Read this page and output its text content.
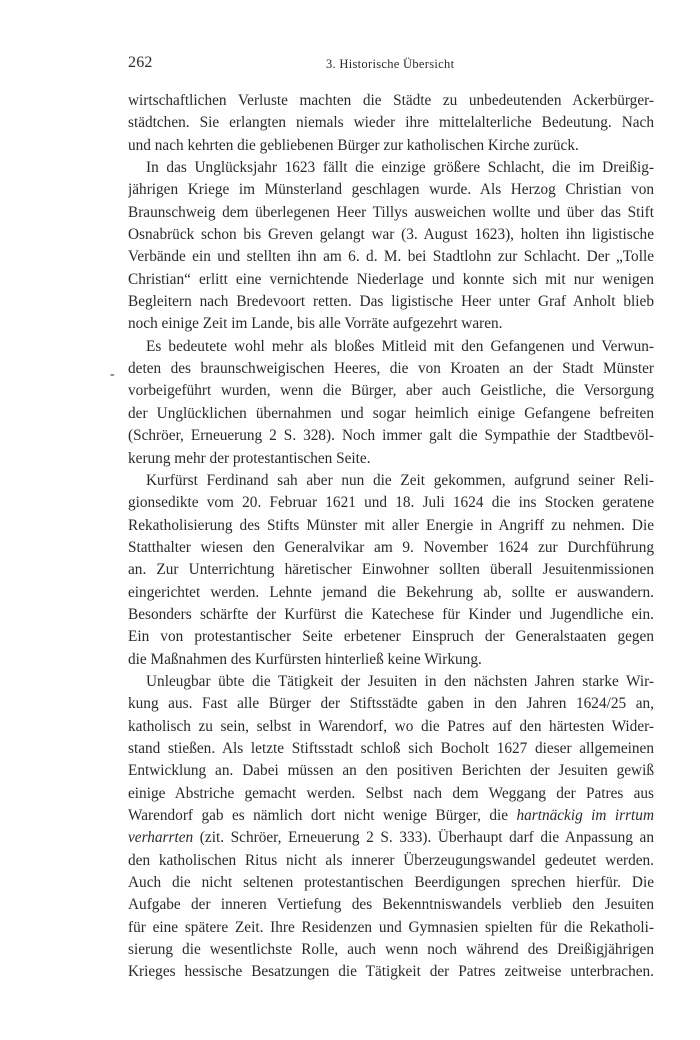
262	3. Historische Übersicht
-
wirtschaftlichen Verluste machten die Städte zu unbedeutenden Ackerbürger-
städtchen. Sie erlangten niemals wieder ihre mittelalterliche Bedeutung. Nach
und nach kehrten die gebliebenen Bürger zur katholischen Kirche zurück.
In das Unglücksjahr 1623 fällt die einzige größere Schlacht, die im Dreißig-
jährigen Kriege im Münsterland geschlagen wurde. Als Herzog Christian von
Braunschweig dem überlegenen Heer Tillys ausweichen wollte und über das Stift
Osnabrück schon bis Greven gelangt war (3. August 1623), holten ihn ligistische
Verbände ein und stellten ihn am 6. d. M. bei Stadtlohn zur Schlacht. Der „Tolle
Christian“ erlitt eine vernichtende Niederlage und konnte sich mit nur wenigen
Begleitern nach Bredevoort retten. Das ligistische Heer unter Graf Anholt blieb
noch einige Zeit im Lande, bis alle Vorräte aufgezehrt waren.
Es bedeutete wohl mehr als bloßes Mitleid mit den Gefangenen und Verwun-
deten des braunschweigischen Heeres, die von Kroaten an der Stadt Münster
vorbeigeführt wurden, wenn die Bürger, aber auch Geistliche, die Versorgung
der Unglücklichen übernahmen und sogar heimlich einige Gefangene befreiten
(Schröer, Erneuerung 2 S. 328). Noch immer galt die Sympathie der Stadtbevöl-
kerung mehr der protestantischen Seite.
Kurfürst Ferdinand sah aber nun die Zeit gekommen, aufgrund seiner Reli-
gionsedikte vom 20. Februar 1621 und 18. Juli 1624 die ins Stocken geratene
Rekatholisierung des Stifts Münster mit aller Energie in Angriff zu nehmen. Die
Statthalter wiesen den Generalvikar am 9. November 1624 zur Durchführung
an. Zur Unterrichtung häretischer Einwohner sollten überall Jesuitenmissionen
eingerichtet werden. Lehnte jemand die Bekehrung ab, sollte er auswandern.
Besonders schärfte der Kurfürst die Katechese für Kinder und Jugendliche ein.
Ein von protestantischer Seite erbetener Einspruch der Generalstaaten gegen
die Maßnahmen des Kurfürsten hinterließ keine Wirkung.
Unleugbar übte die Tätigkeit der Jesuiten in den nächsten Jahren starke Wir-
kung aus. Fast alle Bürger der Stiftsstädte gaben in den Jahren 1624/25 an,
katholisch zu sein, selbst in Warendorf, wo die Patres auf den härtesten Wider-
stand stießen. Als letzte Stiftsstadt schloß sich Bocholt 1627 dieser allgemeinen
Entwicklung an. Dabei müssen an den positiven Berichten der Jesuiten gewiß
einige Abstriche gemacht werden. Selbst nach dem Weggang der Patres aus
Warendorf gab es nämlich dort nicht wenige Bürger, die hartnäckig im irrtum
verharrten (zit. Schröer, Erneuerung 2 S. 333). Überhaupt darf die Anpassung an
den katholischen Ritus nicht als innerer Überzeugungswandel gedeutet werden.
Auch die nicht seltenen protestantischen Beerdigungen sprechen hierfür. Die
Aufgabe der inneren Vertiefung des Bekenntniswandels verblieb den Jesuiten
für eine spätere Zeit. Ihre Residenzen und Gymnasien spielten für die Rekatholi-
sierung die wesentlichste Rolle, auch wenn noch während des Dreißigjährigen
Krieges hessische Besatzungen die Tätigkeit der Patres zeitweise unterbrachen.
